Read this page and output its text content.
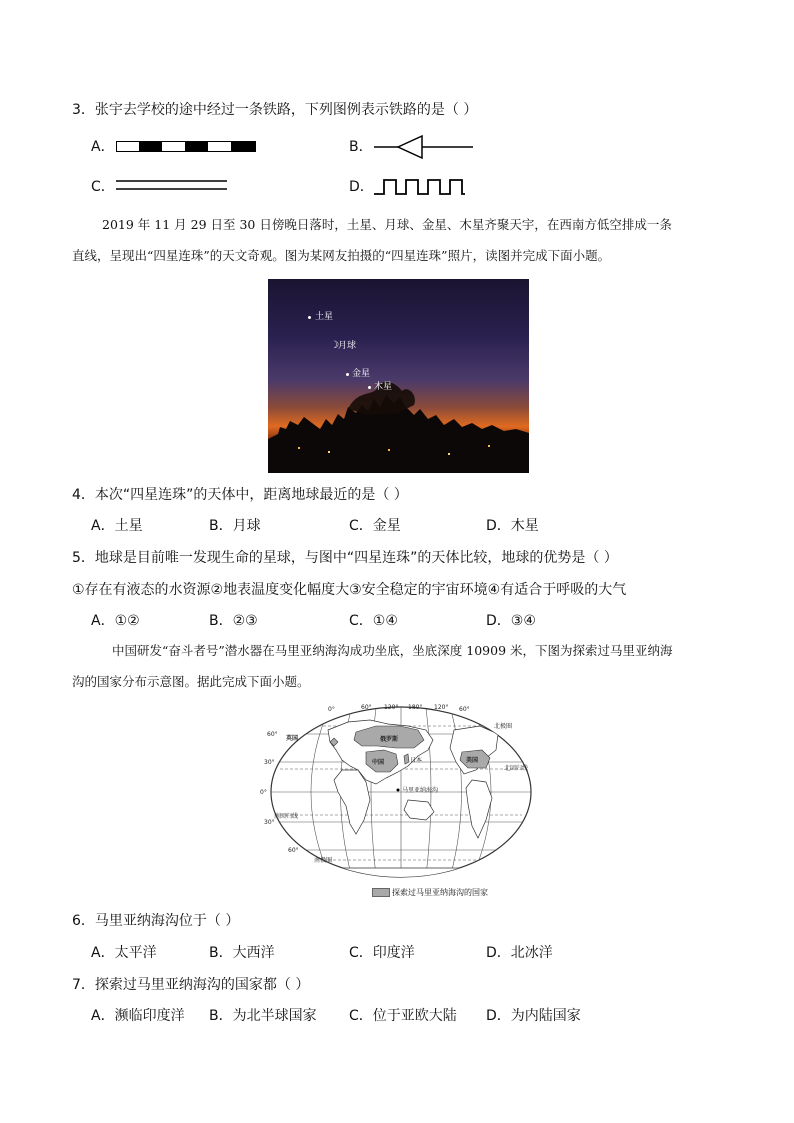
3．张宇去学校的途中经过一条铁路，下列图例表示铁路的是（ ）
A．	B．
C．	D．
2019 年 11 月 29 日至 30 日傍晚日落时，土星、月球、金星、木星齐聚天宇，在西南方低空排成一条
直线，呈现出“四星连珠”的天文奇观。图为某网友拍摄的“四星连珠”照片，读图并完成下面小题。
土星
☽ 月球
金星
木星
4．本次“四星连珠”的天体中，距离地球最近的是（ ）
A．土星	B．月球	C．金星	D．木星
5．地球是目前唯一发现生命的星球，与图中“四星连珠”的天体比较，地球的优势是（ ）
①存在有液态的水资源②地表温度变化幅度大③安全稳定的宇宙环境④有适合于呼吸的大气
A．①②	B．②③	C．①④	D．③④
中国研发“奋斗者号”潜水器在马里亚纳海沟成功坐底，坐底深度 10909 米，下图为探索过马里亚纳海
沟的国家分布示意图。据此完成下面小题。
0°	60° 120° 180° 120° 60°
60°
30°
0°
30°
60°
英国	俄罗斯
中国	日本	美国
马里亚纳海沟
北极圈
北回归线
南回归线
南极圈
探索过马里亚纳海沟的国家
6．马里亚纳海沟位于（ ）
A．太平洋	B．大西洋	C．印度洋	D．北冰洋
7．探索过马里亚纳海沟的国家都（ ）
A．濒临印度洋 B．为北半球国家 C．位于亚欧大陆 D．为内陆国家
